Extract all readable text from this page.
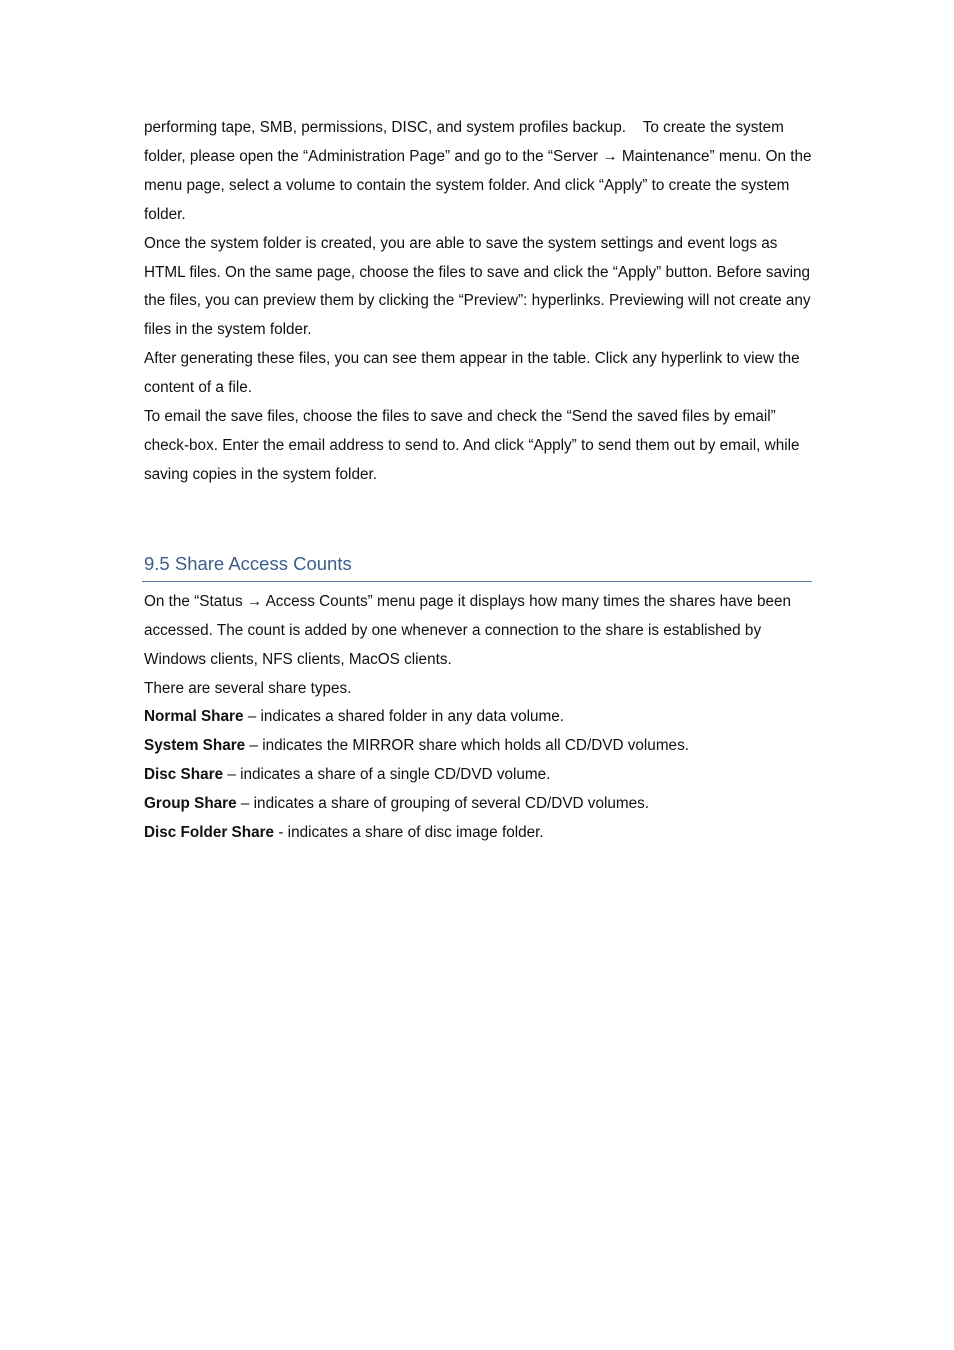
performing tape, SMB, permissions, DISC, and system profiles backup.    To create the system folder, please open the “Administration Page” and go to the “Server → Maintenance” menu. On the menu page, select a volume to contain the system folder. And click “Apply” to create the system folder.

Once the system folder is created, you are able to save the system settings and event logs as HTML files. On the same page, choose the files to save and click the “Apply” button. Before saving the files, you can preview them by clicking the “Preview”: hyperlinks. Previewing will not create any files in the system folder.

After generating these files, you can see them appear in the table. Click any hyperlink to view the content of a file.

To email the save files, choose the files to save and check the “Send the saved files by email” check-box. Enter the email address to send to. And click “Apply” to send them out by email, while saving copies in the system folder.

9.5 Share Access Counts

On the “Status → Access Counts” menu page it displays how many times the shares have been accessed. The count is added by one whenever a connection to the share is established by Windows clients, NFS clients, MacOS clients.

There are several share types.

Normal Share – indicates a shared folder in any data volume.

System Share – indicates the MIRROR share which holds all CD/DVD volumes.

Disc Share – indicates a share of a single CD/DVD volume.

Group Share – indicates a share of grouping of several CD/DVD volumes.

Disc Folder Share - indicates a share of disc image folder.
